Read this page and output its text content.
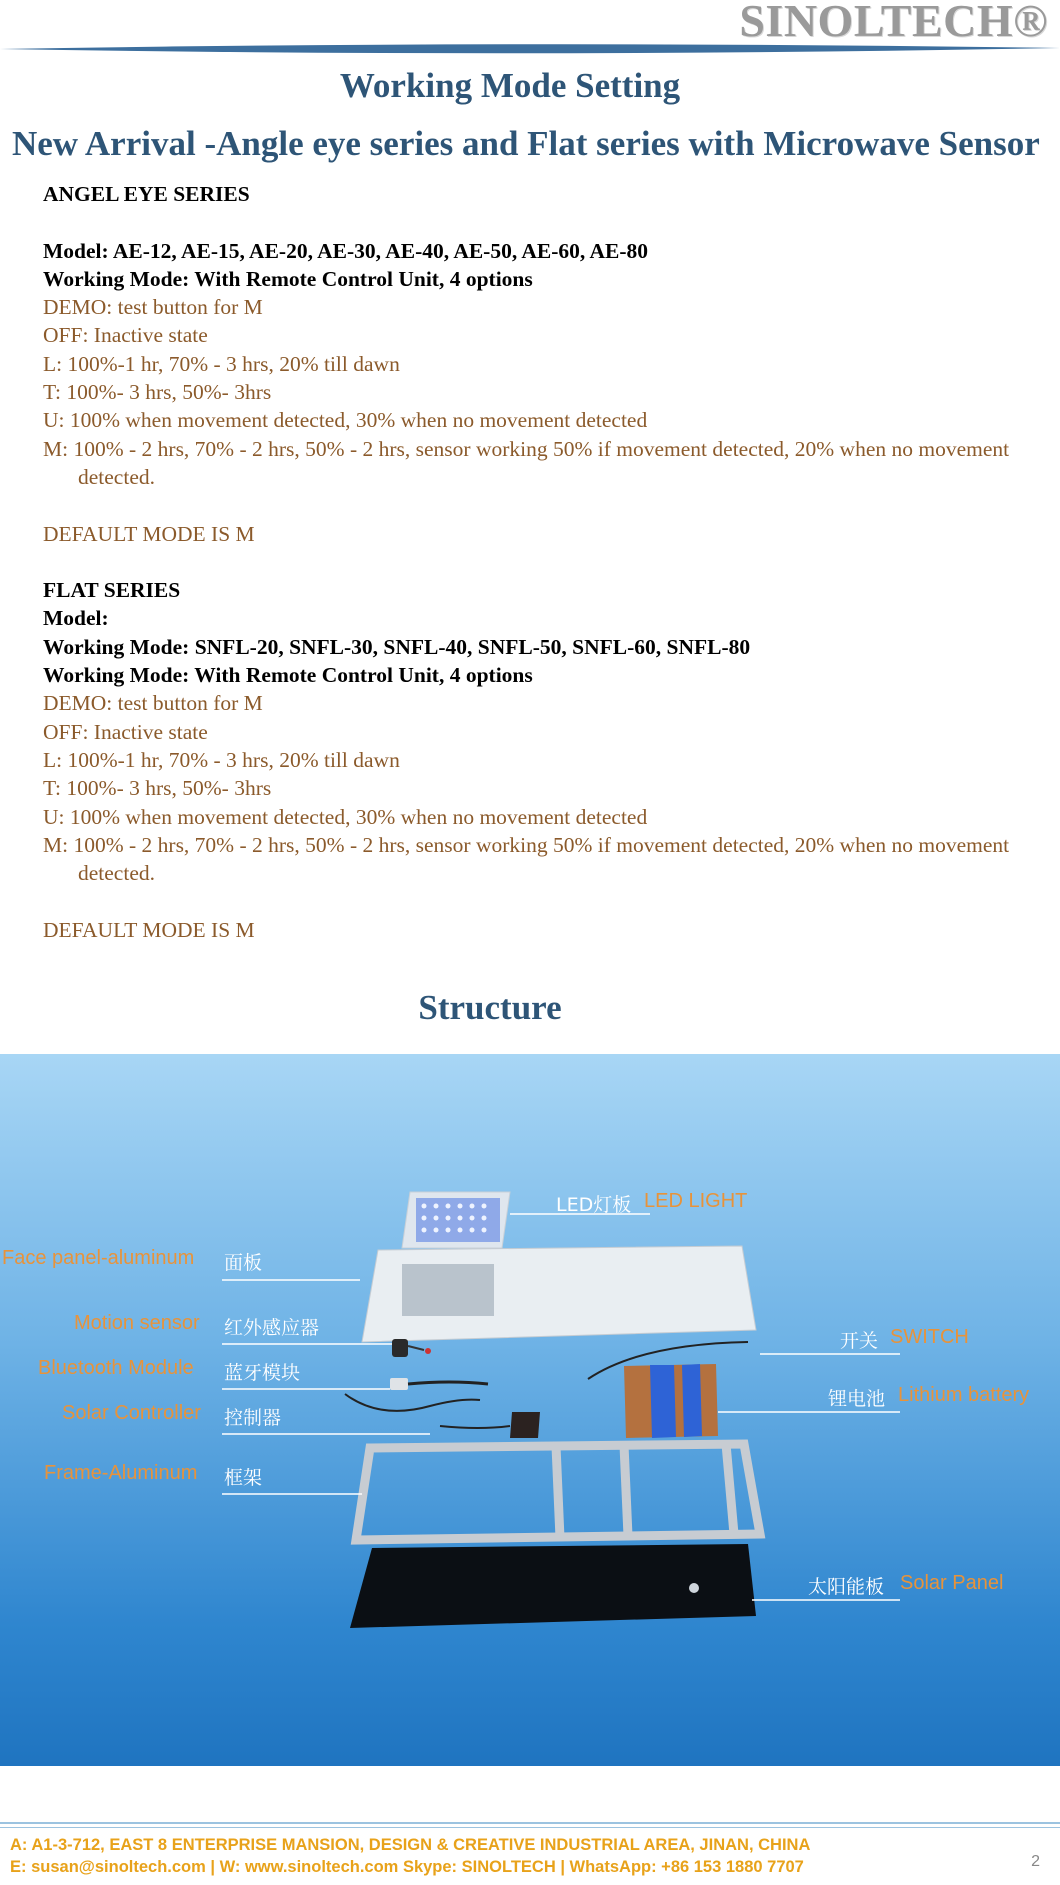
SINOLTECH®
Working Mode Setting
New Arrival -Angle eye series and Flat series with Microwave Sensor
ANGEL EYE SERIES
Model: AE-12, AE-15, AE-20, AE-30, AE-40, AE-50, AE-60, AE-80
Working Mode: With Remote Control Unit, 4 options
DEMO: test button for M
OFF: Inactive state
L: 100%-1 hr, 70% - 3 hrs, 20% till dawn
T: 100%- 3 hrs, 50%- 3hrs
U: 100% when movement detected, 30% when no movement detected
M: 100% - 2 hrs, 70% - 2 hrs, 50% - 2 hrs, sensor working 50% if movement detected, 20% when no movement detected.
DEFAULT MODE IS M
FLAT SERIES
Model:
Working Mode: SNFL-20, SNFL-30, SNFL-40, SNFL-50, SNFL-60, SNFL-80
Working Mode: With Remote Control Unit, 4 options
DEMO: test button for M
OFF: Inactive state
L: 100%-1 hr, 70% - 3 hrs, 20% till dawn
T: 100%- 3 hrs, 50%- 3hrs
U: 100% when movement detected, 30% when no movement detected
M: 100% - 2 hrs, 70% - 2 hrs, 50% - 2 hrs, sensor working 50% if movement detected, 20% when no movement detected.
DEFAULT MODE IS M
Structure
LED灯板 LED LIGHT
Face panel-aluminum 面板
Motion sensor 红外感应器
Bluetooth Module 蓝牙模块
Solar Controller 控制器
Frame-Aluminum 框架
开关 SWITCH
锂电池 Lithium battery
太阳能板 Solar Panel
A: A1-3-712, EAST 8 ENTERPRISE MANSION, DESIGN & CREATIVE INDUSTRIAL AREA, JINAN, CHINA
E: susan@sinoltech.com | W: www.sinoltech.com Skype: SINOLTECH | WhatsApp: +86 153 1880 7707	2
